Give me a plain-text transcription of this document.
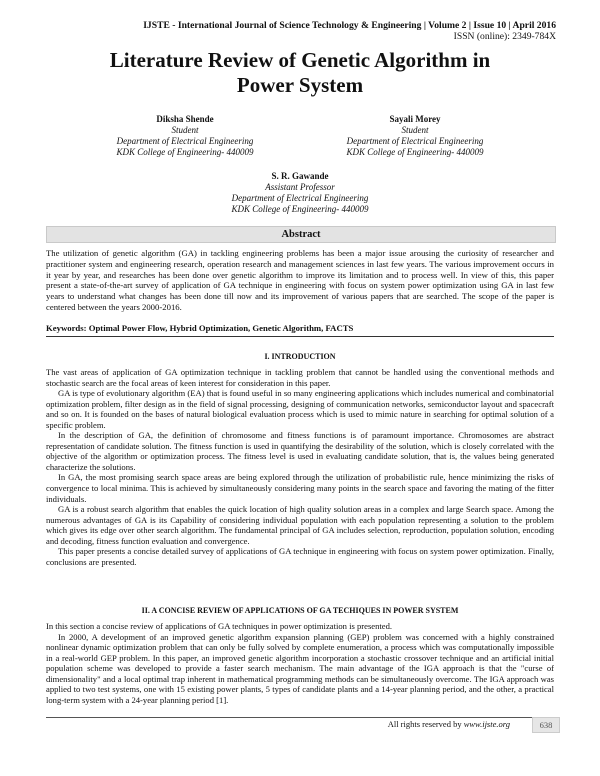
IJSTE - International Journal of Science Technology & Engineering | Volume 2 | Issue 10 | April 2016
ISSN (online): 2349-784X
Literature Review of Genetic Algorithm in
Power System
Diksha Shende
Student
Department of Electrical Engineering
KDK College of Engineering- 440009
Sayali Morey
Student
Department of Electrical Engineering
KDK College of Engineering- 440009
S. R. Gawande
Assistant Professor
Department of Electrical Engineering
KDK College of Engineering- 440009
Abstract
The utilization of genetic algorithm (GA) in tackling engineering problems has been a major issue arousing the curiosity of researcher and practitioner system and engineering research, operation research and management sciences in last few years. The various improvement occurs in it year by year, and researches has been done over genetic algorithm to improve its limitation and to process well. In view of this, this paper present a state-of-the-art survey of application of GA technique in engineering with focus on system power optimization using GA in last few years to understand what changes has been done till now and its improvement of various papers that are searched. The scope of the paper is centered between the years 2000-2016.
Keywords: Optimal Power Flow, Hybrid Optimization, Genetic Algorithm, FACTS
I. INTRODUCTION

The vast areas of application of GA optimization technique in tackling problem that cannot be handled using the conventional methods and stochastic search are the focal areas of keen interest for consideration in this paper.

GA is type of evolutionary algorithm (EA) that is found useful in so many engineering applications which includes numerical and combinatorial optimization problem, filter design as in the field of signal processing, designing of communication networks, semiconductor layout and spacecraft and so on. It is founded on the bases of natural biological evaluation process which is used to mimic nature in searching for optimal solution of a specific problem.

In the description of GA, the definition of chromosome and fitness functions is of paramount importance. Chromosomes are abstract representation of candidate solution. The fitness function is used in quantifying the desirability of the solution, which is closely correlated with the objective of the algorithm or optimization process. The fitness level is used in evaluating candidate solution, that is, the values being generated characterize the solutions.

In GA, the most promising search space areas are being explored through the utilization of probabilistic rule, hence minimizing the risks of convergence to local minima. This is achieved by simultaneously considering many points in the search space and favoring the mating of the fitter individuals.

GA is a robust search algorithm that enables the quick location of high quality solution areas in a complex and large Search space. Among the numerous advantages of GA is its Capability of considering individual population with each population representing a solution to the problem which gives its edge over other search algorithm. The fundamental principal of GA includes selection, reproduction, population solution, encoding and decoding, fitness function evaluation and convergence.

This paper presents a concise detailed survey of applications of GA technique in engineering with focus on system power optimization. Finally, conclusions are presented.

II. A CONCISE REVIEW OF APPLICATIONS OF GA TECHIQUES IN POWER SYSTEM

In this section a concise review of applications of GA techniques in power optimization is presented.

In 2000, A development of an improved genetic algorithm expansion planning (GEP) problem was concerned with a highly constrained nonlinear dynamic optimization problem that can only be fully solved by complete enumeration, a process which was computationally impossible in a real-world GEP problem. In this paper, an improved genetic algorithm incorporation a stochastic crossover technique and an artificial initial population scheme was developed to provide a faster search mechanism. The main advantage of the IGA approach is that the "curse of dimensionality" and a local optimal trap inherent in mathematical programming methods can be simultaneously overcome. The IGA approach was applied to two test systems, one with 15 existing power plants, 5 types of candidate plants and a 14-year planning period, and the other, a practical long-term system with a 24-year planning period [1].

All rights reserved by www.ijste.org	638
